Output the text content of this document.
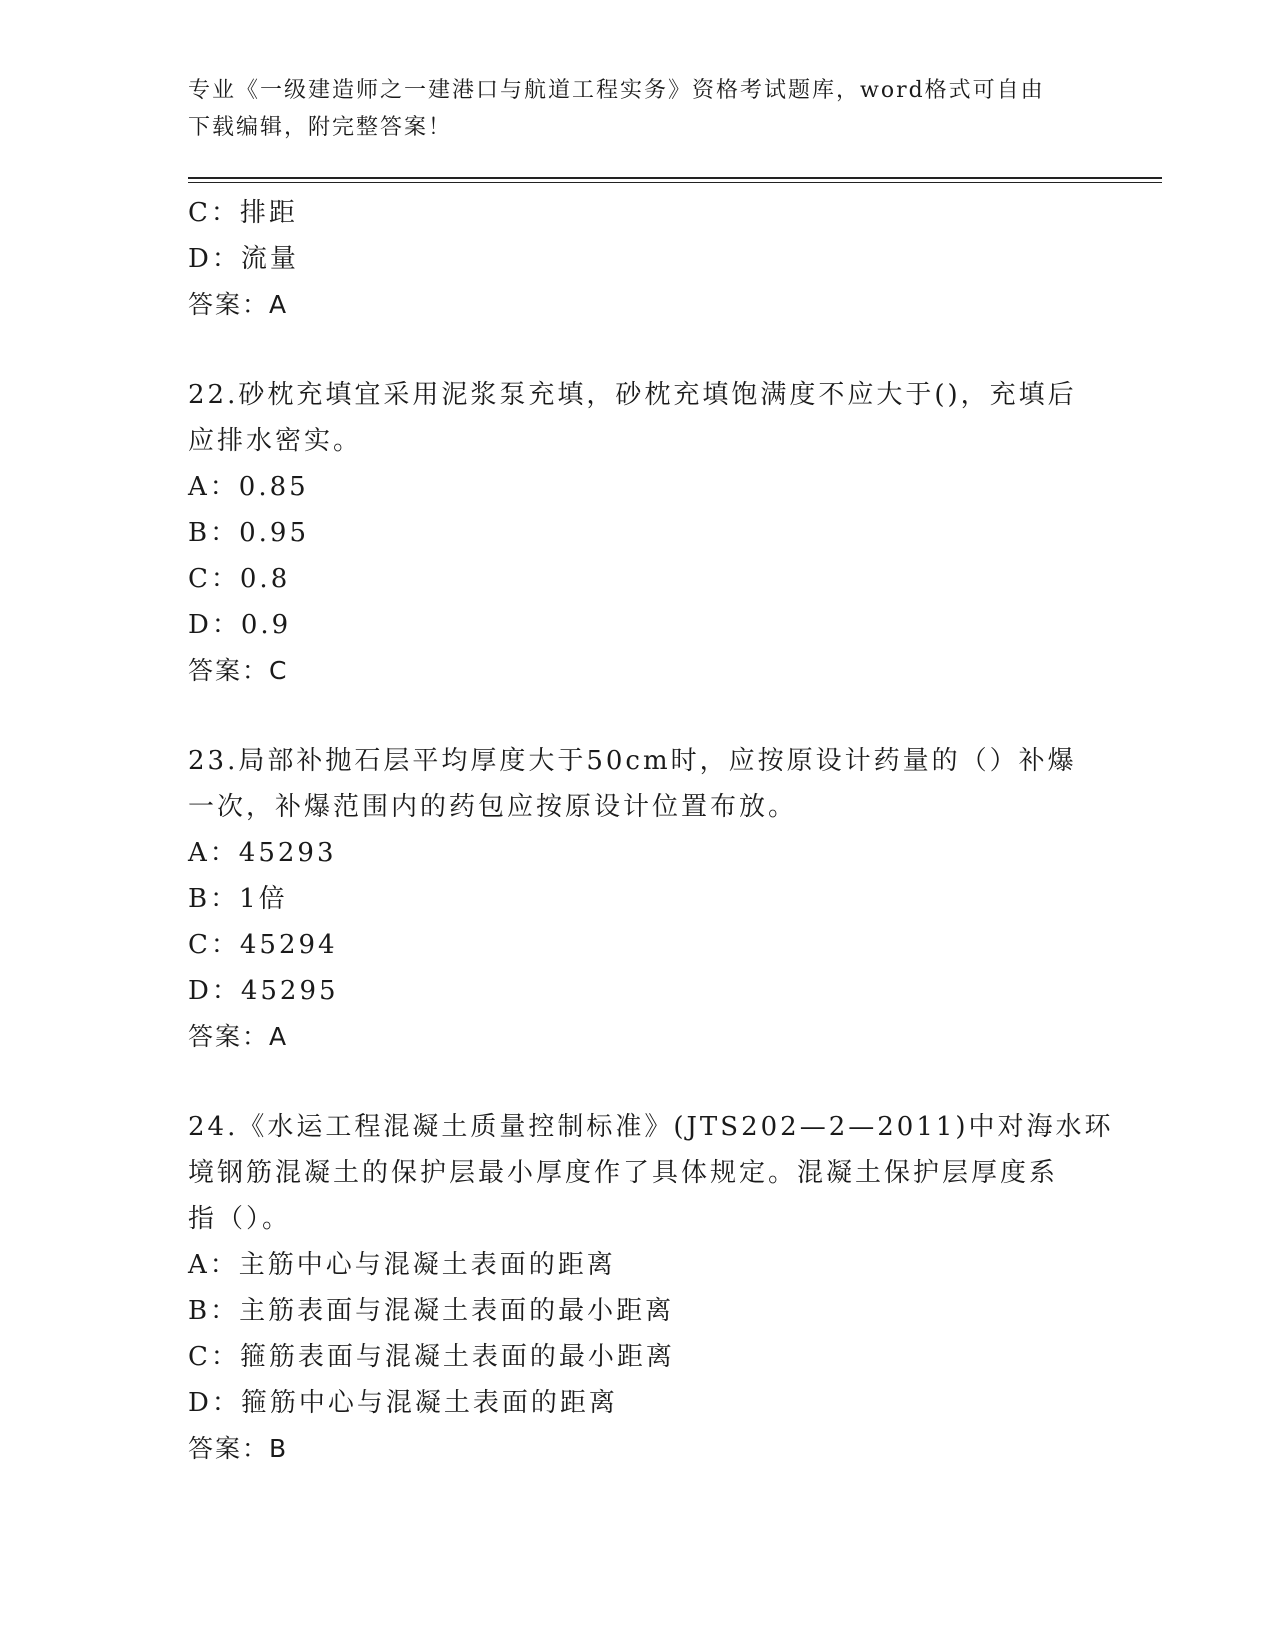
专业《一级建造师之一建港口与航道工程实务》资格考试题库，word格式可自由
下载编辑，附完整答案！
C：排距
D：流量
答案：A
22.砂枕充填宜采用泥浆泵充填，砂枕充填饱满度不应大于()，充填后
应排水密实。
A：0.85
B：0.95
C：0.8
D：0.9
答案：C
23.局部补抛石层平均厚度大于50cm时，应按原设计药量的（）补爆
一次，补爆范围内的药包应按原设计位置布放。
A：45293
B：1倍
C：45294
D：45295
答案：A
24.《水运工程混凝土质量控制标准》(JTS202—2—2011)中对海水环
境钢筋混凝土的保护层最小厚度作了具体规定。混凝土保护层厚度系
指（）。
A：主筋中心与混凝土表面的距离
B：主筋表面与混凝土表面的最小距离
C：箍筋表面与混凝土表面的最小距离
D：箍筋中心与混凝土表面的距离
答案：B
